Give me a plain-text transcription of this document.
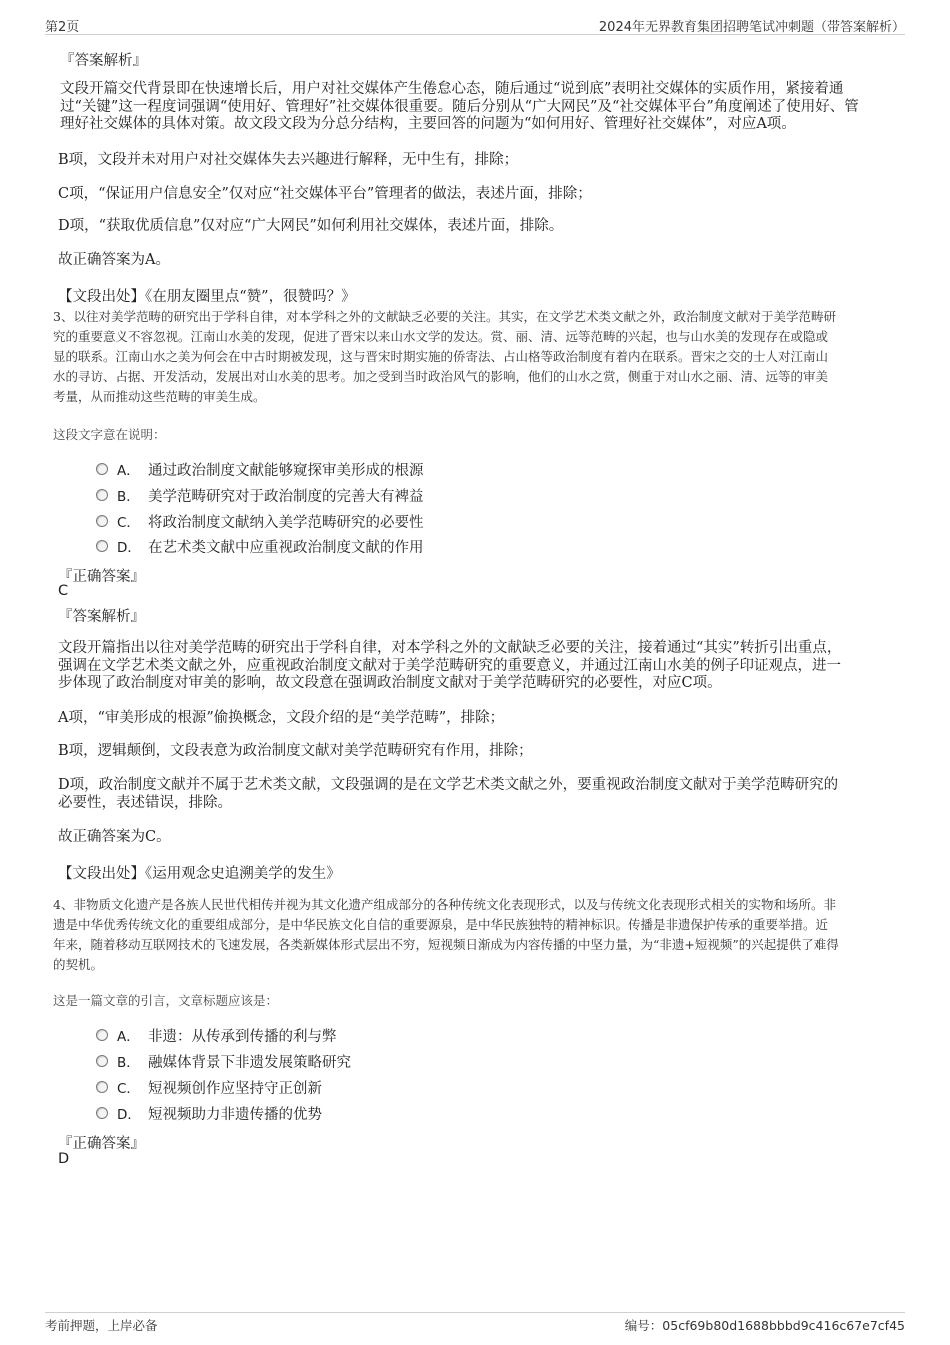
第2页	2024年无界教育集团招聘笔试冲刺题（带答案解析）
『答案解析』
文段开篇交代背景即在快速增长后，用户对社交媒体产生倦怠心态，随后通过“说到底”表明社交媒体的实质作用，紧接着通
过“关键”这一程度词强调“使用好、管理好”社交媒体很重要。随后分别从“广大网民”及“社交媒体平台”角度阐述了使用好、管
理好社交媒体的具体对策。故文段文段为分总分结构，主要回答的问题为“如何用好、管理好社交媒体”，对应A项。
B项，文段并未对用户对社交媒体失去兴趣进行解释，无中生有，排除；
C项，“保证用户信息安全”仅对应“社交媒体平台”管理者的做法，表述片面，排除；
D项，“获取优质信息”仅对应“广大网民”如何利用社交媒体，表述片面，排除。
故正确答案为A。
【文段出处】《在朋友圈里点“赞”，很赞吗？》
3、以往对美学范畴的研究出于学科自律，对本学科之外的文献缺乏必要的关注。其实，在文学艺术类文献之外，政治制度文献对于美学范畴研
究的重要意义不容忽视。江南山水美的发现，促进了晋宋以来山水文学的发达。赏、丽、清、远等范畴的兴起，也与山水美的发现存在或隐或
显的联系。江南山水之美为何会在中古时期被发现，这与晋宋时期实施的侨寄法、占山格等政治制度有着内在联系。晋宋之交的士人对江南山
水的寻访、占据、开发活动，发展出对山水美的思考。加之受到当时政治风气的影响，他们的山水之赏，侧重于对山水之丽、清、远等的审美
考量，从而推动这些范畴的审美生成。
这段文字意在说明：
A． 通过政治制度文献能够窥探审美形成的根源
B． 美学范畴研究对于政治制度的完善大有裨益
C． 将政治制度文献纳入美学范畴研究的必要性
D． 在艺术类文献中应重视政治制度文献的作用
『正确答案』
C
『答案解析』
文段开篇指出以往对美学范畴的研究出于学科自律，对本学科之外的文献缺乏必要的关注，接着通过“其实”转折引出重点，
强调在文学艺术类文献之外，应重视政治制度文献对于美学范畴研究的重要意义，并通过江南山水美的例子印证观点，进一
步体现了政治制度对审美的影响，故文段意在强调政治制度文献对于美学范畴研究的必要性，对应C项。
A项，“审美形成的根源”偷换概念，文段介绍的是“美学范畴”，排除；
B项，逻辑颠倒，文段表意为政治制度文献对美学范畴研究有作用，排除；
D项，政治制度文献并不属于艺术类文献，文段强调的是在文学艺术类文献之外，要重视政治制度文献对于美学范畴研究的
必要性，表述错误，排除。
故正确答案为C。
【文段出处】《运用观念史追溯美学的发生》
4、非物质文化遗产是各族人民世代相传并视为其文化遗产组成部分的各种传统文化表现形式，以及与传统文化表现形式相关的实物和场所。非
遗是中华优秀传统文化的重要组成部分，是中华民族文化自信的重要源泉，是中华民族独特的精神标识。传播是非遗保护传承的重要举措。近
年来，随着移动互联网技术的飞速发展，各类新媒体形式层出不穷，短视频日渐成为内容传播的中坚力量，为“非遗+短视频”的兴起提供了难得
的契机。
这是一篇文章的引言，文章标题应该是：
A． 非遗：从传承到传播的利与弊
B． 融媒体背景下非遗发展策略研究
C． 短视频创作应坚持守正创新
D． 短视频助力非遗传播的优势
『正确答案』
D
考前押题，上岸必备	编号：05cf69b80d1688bbbd9c416c67e7cf45
